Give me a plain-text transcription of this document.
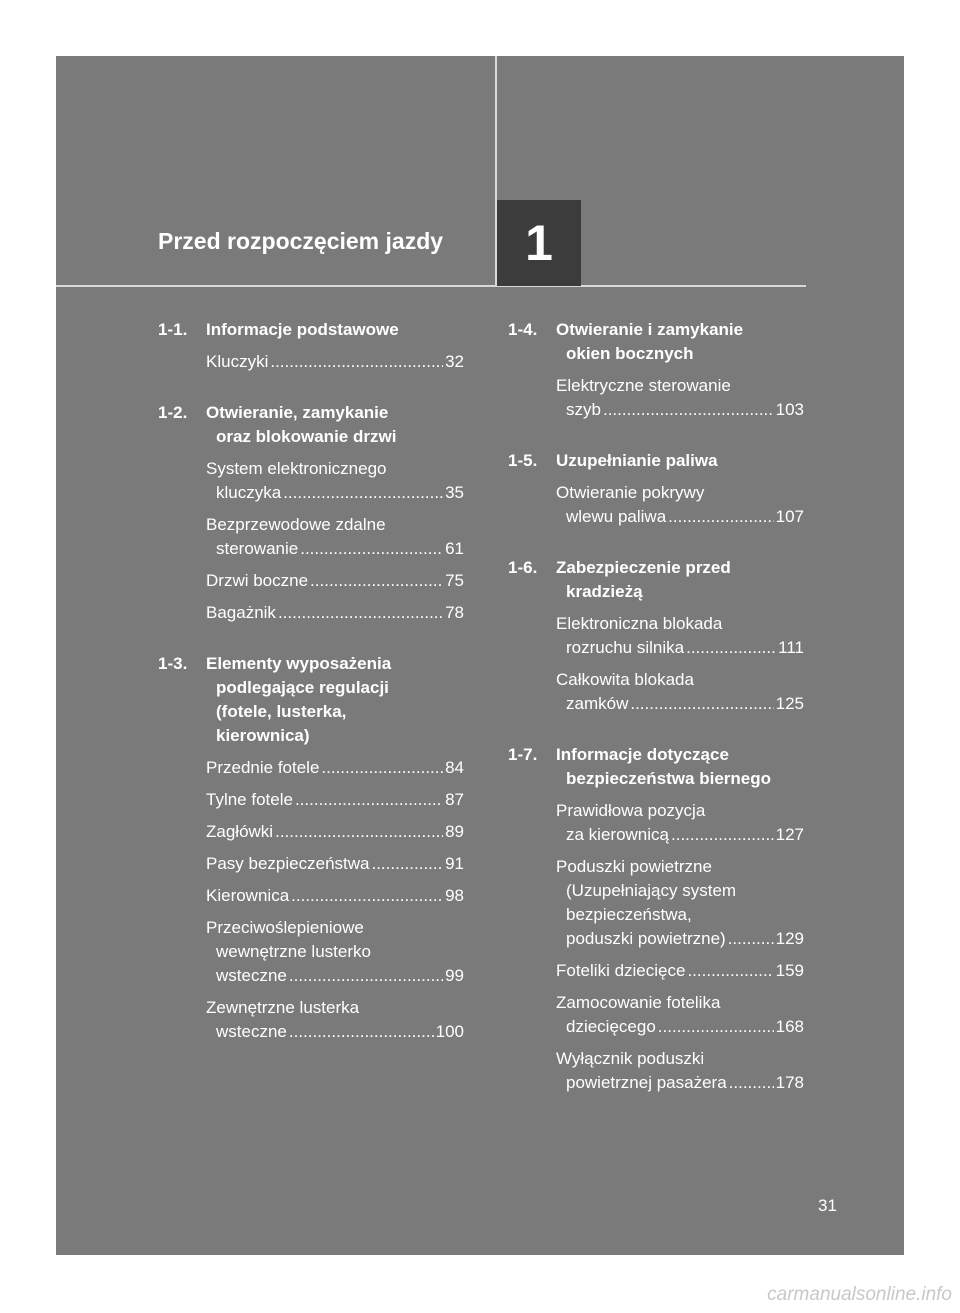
Przed rozpoczęciem jazdy	1
1-1.	Informacje podstawowe
Kluczyki .....	32
1-2.	Otwieranie, zamykanie
oraz blokowanie drzwi
System elektronicznego
kluczyka .....	35
Bezprzewodowe zdalne
sterowanie .....	61
Drzwi boczne .....	75
Bagażnik .....	78
1-3.	Elementy wyposażenia
podlegające regulacji
(fotele, lusterka,
kierownica)
Przednie fotele .....	84
Tylne fotele .....	87
Zagłówki .....	89
Pasy bezpieczeństwa .....	91
Kierownica .....	98
Przeciwoślepieniowe
wewnętrzne lusterko
wsteczne .....	99
Zewnętrzne lusterka
wsteczne .....	100
1-4.	Otwieranie i zamykanie
okien bocznych
Elektryczne sterowanie
szyb .....	103
1-5.	Uzupełnianie paliwa
Otwieranie pokrywy
wlewu paliwa .....	107
1-6.	Zabezpieczenie przed
kradzieżą
Elektroniczna blokada
rozruchu silnika .....	111
Całkowita blokada
zamków .....	125
1-7.	Informacje dotyczące
bezpieczeństwa biernego
Prawidłowa pozycja
za kierownicą .....	127
Poduszki powietrzne
(Uzupełniający system
bezpieczeństwa,
poduszki powietrzne) .....	129
Foteliki dziecięce .....	159
Zamocowanie fotelika
dziecięcego .....	168
Wyłącznik poduszki
powietrznej pasażera .....	178
31
carmanualsonline.info
